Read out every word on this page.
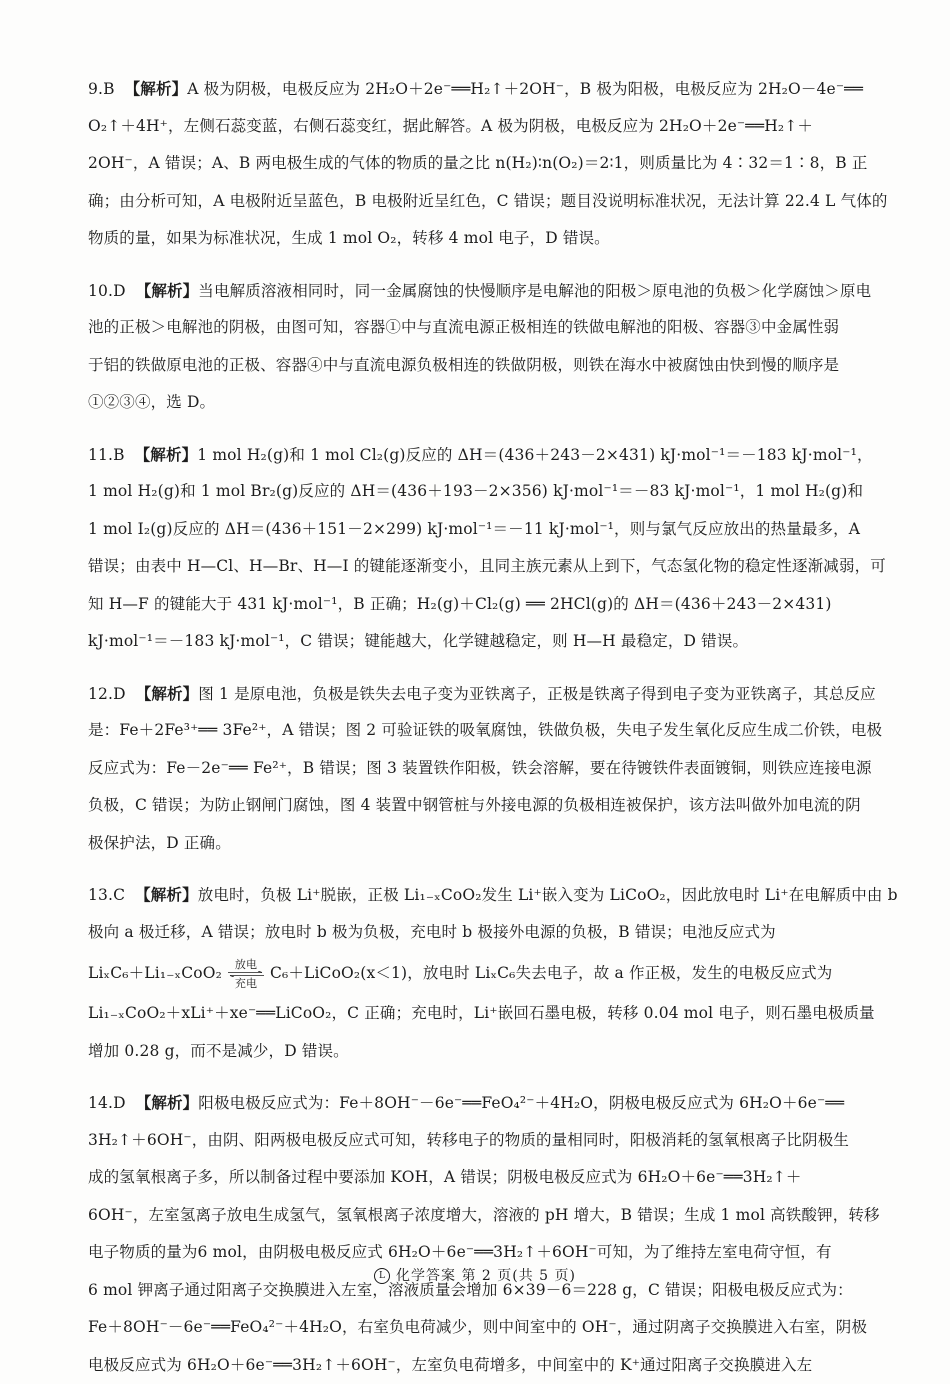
9.B 【解析】A 极为阴极，电极反应为 2H₂O＋2e⁻══H₂↑＋2OH⁻，B 极为阳极，电极反应为 2H₂O－4e⁻══
O₂↑＋4H⁺，左侧石蕊变蓝，右侧石蕊变红，据此解答。A 极为阴极，电极反应为 2H₂O＋2e⁻══H₂↑＋
2OH⁻，A 错误；A、B 两电极生成的气体的物质的量之比 n(H₂)∶n(O₂)＝2∶1，则质量比为 4∶32＝1∶8，B 正
确；由分析可知，A 电极附近呈蓝色，B 电极附近呈红色，C 错误；题目没说明标准状况，无法计算 22.4 L 气体的
物质的量，如果为标准状况，生成 1 mol O₂，转移 4 mol 电子，D 错误。
10.D 【解析】当电解质溶液相同时，同一金属腐蚀的快慢顺序是电解池的阳极＞原电池的负极＞化学腐蚀＞原电
池的正极＞电解池的阴极，由图可知，容器①中与直流电源正极相连的铁做电解池的阳极、容器③中金属性弱
于铝的铁做原电池的正极、容器④中与直流电源负极相连的铁做阴极，则铁在海水中被腐蚀由快到慢的顺序是
①②③④，选 D。
11.B 【解析】1 mol H₂(g)和 1 mol Cl₂(g)反应的 ΔH＝(436＋243－2×431) kJ·mol⁻¹＝－183 kJ·mol⁻¹，
1 mol H₂(g)和 1 mol Br₂(g)反应的 ΔH＝(436＋193－2×356) kJ·mol⁻¹＝－83 kJ·mol⁻¹，1 mol H₂(g)和
1 mol I₂(g)反应的 ΔH＝(436＋151－2×299) kJ·mol⁻¹＝－11 kJ·mol⁻¹，则与氯气反应放出的热量最多，A
错误；由表中 H—Cl、H—Br、H—I 的键能逐渐变小，且同主族元素从上到下，气态氢化物的稳定性逐渐减弱，可
知 H—F 的键能大于 431 kJ·mol⁻¹，B 正确；H₂(g)＋Cl₂(g) ══ 2HCl(g)的 ΔH＝(436＋243－2×431)
kJ·mol⁻¹＝－183 kJ·mol⁻¹，C 错误；键能越大，化学键越稳定，则 H—H 最稳定，D 错误。
12.D 【解析】图 1 是原电池，负极是铁失去电子变为亚铁离子，正极是铁离子得到电子变为亚铁离子，其总反应
是：Fe＋2Fe³⁺══ 3Fe²⁺，A 错误；图 2 可验证铁的吸氧腐蚀，铁做负极，失电子发生氧化反应生成二价铁，电极
反应式为：Fe－2e⁻══ Fe²⁺，B 错误；图 3 装置铁作阳极，铁会溶解，要在待镀铁件表面镀铜，则铁应连接电源
负极，C 错误；为防止钢闸门腐蚀，图 4 装置中钢管桩与外接电源的负极相连被保护，该方法叫做外加电流的阴
极保护法，D 正确。
13.C 【解析】放电时，负极 Li⁺脱嵌，正极 Li₁₋ₓCoO₂发生 Li⁺嵌入变为 LiCoO₂，因此放电时 Li⁺在电解质中由 b
极向 a 极迁移，A 错误；放电时 b 极为负极，充电时 b 极接外电源的负极，B 错误；电池反应式为
LiₓC₆＋Li₁₋ₓCoO₂	放电
充电
C₆＋LiCoO₂(x＜1)，放电时 LiₓC₆失去电子，故 a 作正极，发生的电极反应式为
Li₁₋ₓCoO₂＋xLi⁺＋xe⁻══LiCoO₂，C 正确；充电时，Li⁺嵌回石墨电极，转移 0.04 mol 电子，则石墨电极质量
增加 0.28 g，而不是减少，D 错误。
14.D 【解析】阳极电极反应式为：Fe＋8OH⁻－6e⁻══FeO₄²⁻＋4H₂O，阴极电极反应式为 6H₂O＋6e⁻══
3H₂↑＋6OH⁻，由阴、阳两极电极反应式可知，转移电子的物质的量相同时，阳极消耗的氢氧根离子比阴极生
成的氢氧根离子多，所以制备过程中要添加 KOH，A 错误；阴极电极反应式为 6H₂O＋6e⁻══3H₂↑＋
6OH⁻，左室氢离子放电生成氢气，氢氧根离子浓度增大，溶液的 pH 增大，B 错误；生成 1 mol 高铁酸钾，转移
电子物质的量为6 mol，由阴极电极反应式 6H₂O＋6e⁻══3H₂↑＋6OH⁻可知，为了维持左室电荷守恒，有
6 mol 钾离子通过阳离子交换膜进入左室，溶液质量会增加 6×39－6＝228 g，C 错误；阳极电极反应式为：
Fe＋8OH⁻－6e⁻══FeO₄²⁻＋4H₂O，右室负电荷减少，则中间室中的 OH⁻，通过阴离子交换膜进入右室，阴极
电极反应式为 6H₂O＋6e⁻══3H₂↑＋6OH⁻，左室负电荷增多，中间室中的 K⁺通过阳离子交换膜进入左
L 化学答案 第 2 页(共 5 页)
